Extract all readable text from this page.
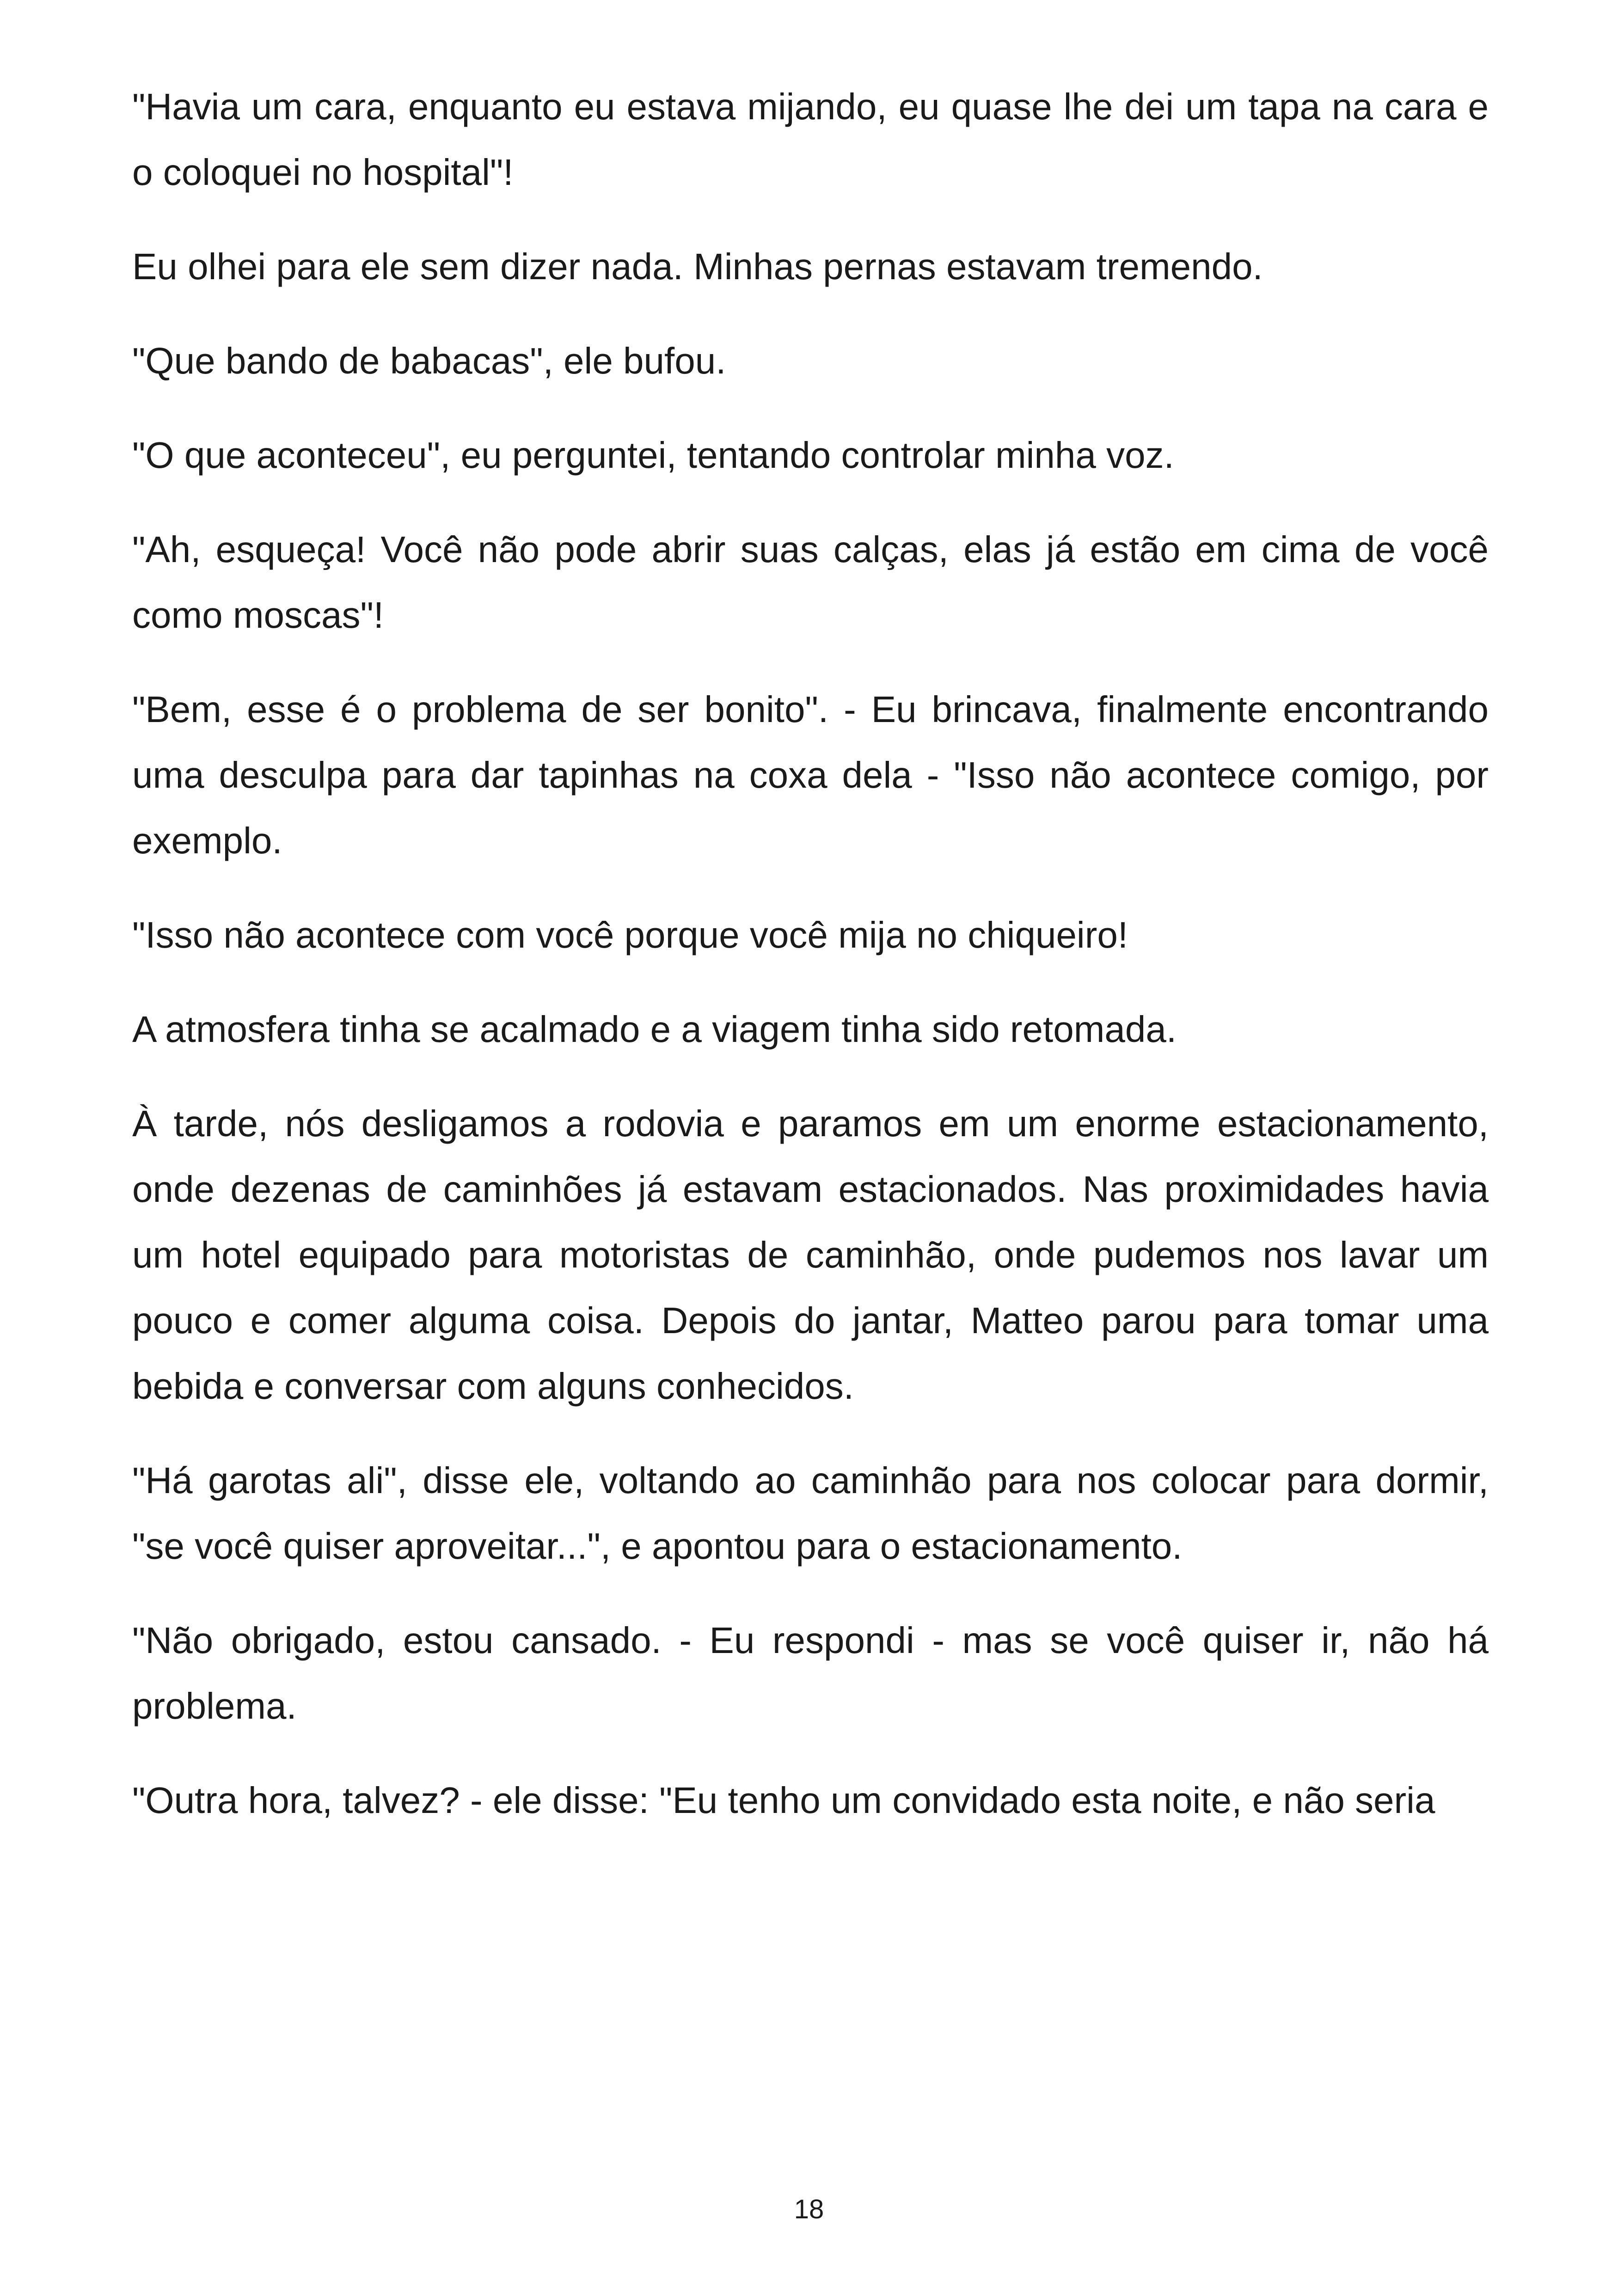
"Havia um cara, enquanto eu estava mijando, eu quase lhe dei um tapa na cara e o coloquei no hospital"!

Eu olhei para ele sem dizer nada. Minhas pernas estavam tremendo.

"Que bando de babacas", ele bufou.

"O que aconteceu", eu perguntei, tentando controlar minha voz.

"Ah, esqueça! Você não pode abrir suas calças, elas já estão em cima de você como moscas"!

"Bem, esse é o problema de ser bonito". - Eu brincava, finalmente encontrando uma desculpa para dar tapinhas na coxa dela - "Isso não acontece comigo, por exemplo.

"Isso não acontece com você porque você mija no chiqueiro!

A atmosfera tinha se acalmado e a viagem tinha sido retomada.

À tarde, nós desligamos a rodovia e paramos em um enorme estacionamento, onde dezenas de caminhões já estavam estacionados. Nas proximidades havia um hotel equipado para motoristas de caminhão, onde pudemos nos lavar um pouco e comer alguma coisa. Depois do jantar, Matteo parou para tomar uma bebida e conversar com alguns conhecidos.

"Há garotas ali", disse ele, voltando ao caminhão para nos colocar para dormir, "se você quiser aproveitar...", e apontou para o estacionamento.

"Não obrigado, estou cansado. - Eu respondi - mas se você quiser ir, não há problema.

"Outra hora, talvez? - ele disse: "Eu tenho um convidado esta noite, e não seria

18
